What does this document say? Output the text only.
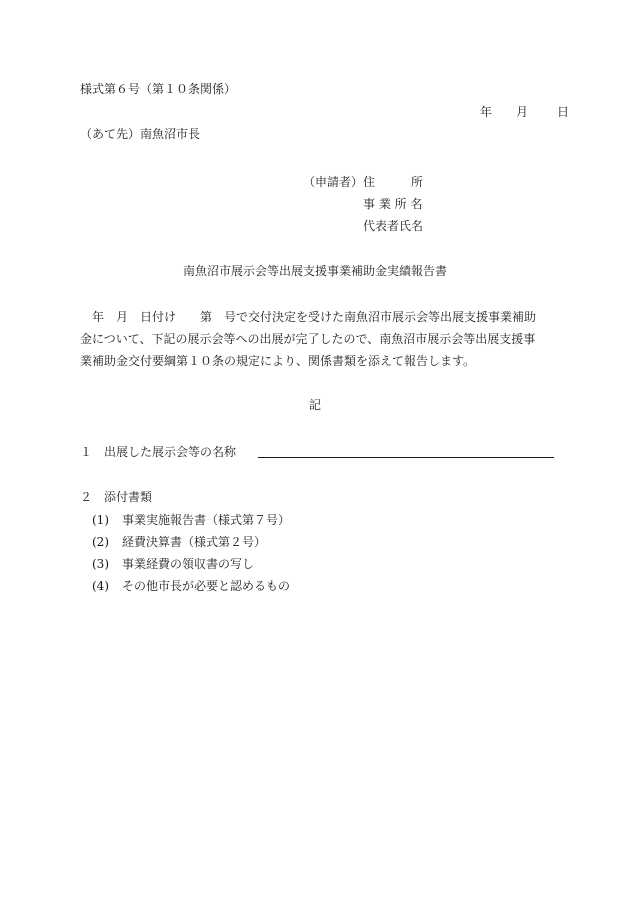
様式第６号（第１０条関係）
年 月 日
（あて先）南魚沼市長
（申請者） 住　　　所
事 業 所 名
代表者氏名
南魚沼市展示会等出展支援事業補助金実績報告書
　年　月　日付け　　第　号で交付決定を受けた南魚沼市展示会等出展支援事業補助
金について、下記の展示会等への出展が完了したので、南魚沼市展示会等出展支援事
業補助金交付要綱第１０条の規定により、関係書類を添えて報告します。
記
１　出展した展示会等の名称
２　添付書類
(1) 事業実施報告書（様式第７号）
(2) 経費決算書（様式第２号）
(3) 事業経費の領収書の写し
(4) その他市長が必要と認めるもの
